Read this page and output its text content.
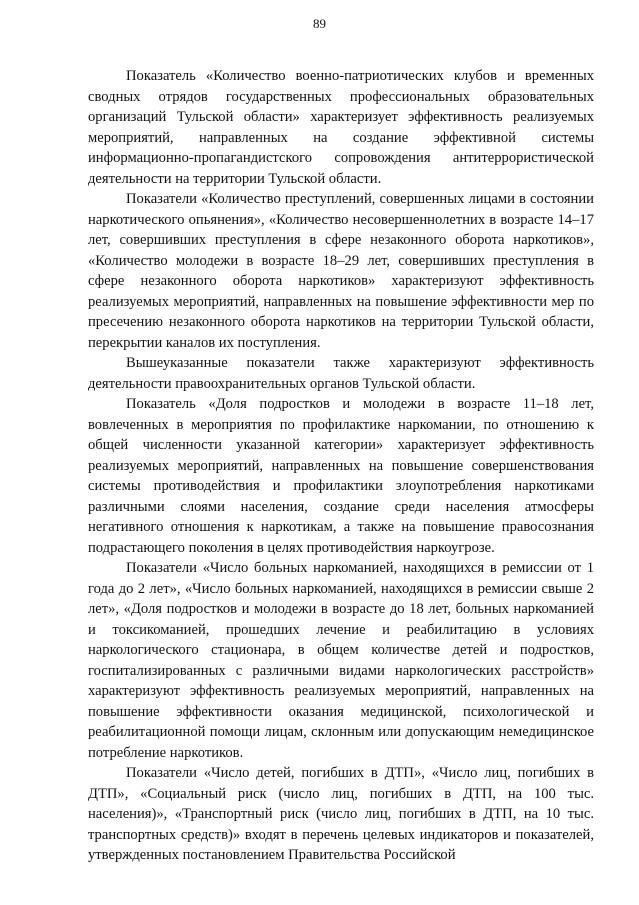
89

Показатель «Количество военно-патриотических клубов и временных сводных отрядов государственных профессиональных образовательных организаций Тульской области» характеризует эффективность реализуемых мероприятий, направленных на создание эффективной системы информационно-пропагандистского сопровождения антитеррористической деятельности на территории Тульской области.

Показатели «Количество преступлений, совершенных лицами в состоянии наркотического опьянения», «Количество несовершеннолетних в возрасте 14–17 лет, совершивших преступления в сфере незаконного оборота наркотиков», «Количество молодежи в возрасте 18–29 лет, совершивших преступления в сфере незаконного оборота наркотиков» характеризуют эффективность реализуемых мероприятий, направленных на повышение эффективности мер по пресечению незаконного оборота наркотиков на территории Тульской области, перекрытии каналов их поступления.

Вышеуказанные показатели также характеризуют эффективность деятельности правоохранительных органов Тульской области.

Показатель «Доля подростков и молодежи в возрасте 11–18 лет, вовлеченных в мероприятия по профилактике наркомании, по отношению к общей численности указанной категории» характеризует эффективность реализуемых мероприятий, направленных на повышение совершенствования системы противодействия и профилактики злоупотребления наркотиками различными слоями населения, создание среди населения атмосферы негативного отношения к наркотикам, а также на повышение правосознания подрастающего поколения в целях противодействия наркоугрозе.

Показатели «Число больных наркоманией, находящихся в ремиссии от 1 года до 2 лет», «Число больных наркоманией, находящихся в ремиссии свыше 2 лет», «Доля подростков и молодежи в возрасте до 18 лет, больных наркоманией и токсикоманией, прошедших лечение и реабилитацию в условиях наркологического стационара, в общем количестве детей и подростков, госпитализированных с различными видами наркологических расстройств» характеризуют эффективность реализуемых мероприятий, направленных на повышение эффективности оказания медицинской, психологической и реабилитационной помощи лицам, склонным или допускающим немедицинское потребление наркотиков.

Показатели «Число детей, погибших в ДТП», «Число лиц, погибших в ДТП», «Социальный риск (число лиц, погибших в ДТП, на 100 тыс. населения)», «Транспортный риск (число лиц, погибших в ДТП, на 10 тыс. транспортных средств)» входят в перечень целевых индикаторов и показателей, утвержденных постановлением Правительства Российской
